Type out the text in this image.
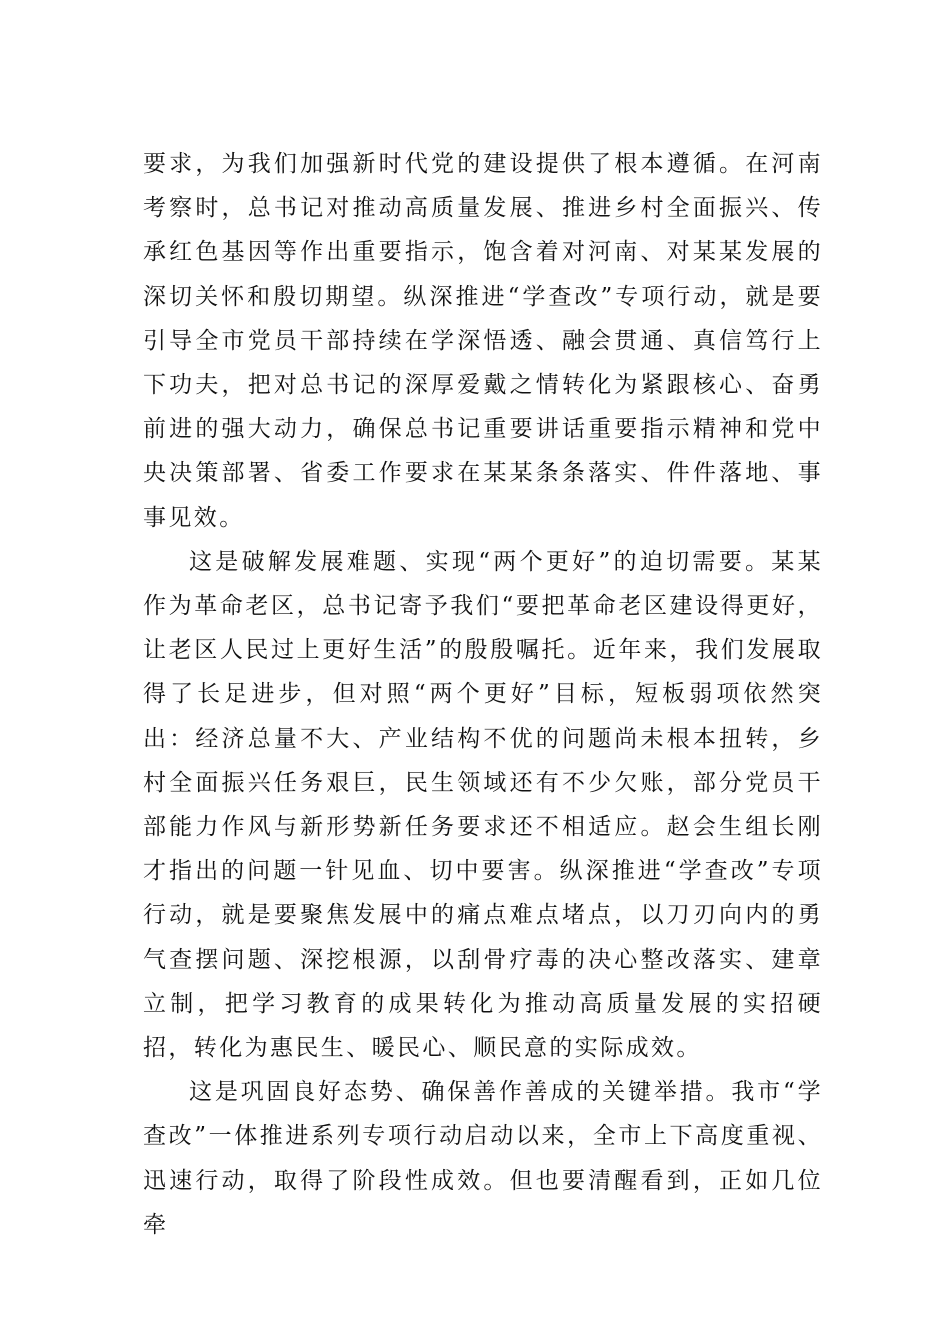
要求，为我们加强新时代党的建设提供了根本遵循。在河南考察时，总书记对推动高质量发展、推进乡村全面振兴、传承红色基因等作出重要指示，饱含着对河南、对某某发展的深切关怀和殷切期望。纵深推进“学查改”专项行动，就是要引导全市党员干部持续在学深悟透、融会贯通、真信笃行上下功夫，把对总书记的深厚爱戴之情转化为紧跟核心、奋勇前进的强大动力，确保总书记重要讲话重要指示精神和党中央决策部署、省委工作要求在某某条条落实、件件落地、事事见效。

这是破解发展难题、实现“两个更好”的迫切需要。某某作为革命老区，总书记寄予我们“要把革命老区建设得更好，让老区人民过上更好生活”的殷殷嘱托。近年来，我们发展取得了长足进步，但对照“两个更好”目标，短板弱项依然突出：经济总量不大、产业结构不优的问题尚未根本扭转，乡村全面振兴任务艰巨，民生领域还有不少欠账，部分党员干部能力作风与新形势新任务要求还不相适应。赵会生组长刚才指出的问题一针见血、切中要害。纵深推进“学查改”专项行动，就是要聚焦发展中的痛点难点堵点，以刀刃向内的勇气查摆问题、深挖根源，以刮骨疗毒的决心整改落实、建章立制，把学习教育的成果转化为推动高质量发展的实招硬招，转化为惠民生、暖民心、顺民意的实际成效。

这是巩固良好态势、确保善作善成的关键举措。我市“学查改”一体推进系列专项行动启动以来，全市上下高度重视、迅速行动，取得了阶段性成效。但也要清醒看到，正如几位牵
